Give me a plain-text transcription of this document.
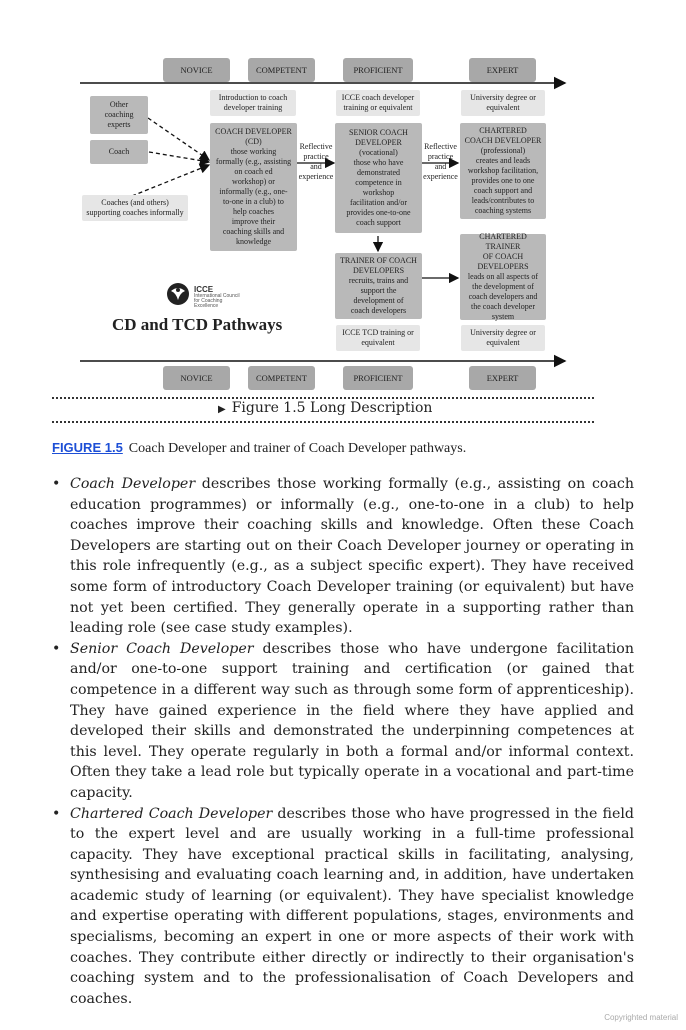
NOVICE	COMPETENT	PROFICIENT	EXPERT
NOVICE	COMPETENT	PROFICIENT	EXPERT
Other
coaching
experts
Coach
Coaches (and others)
supporting coaches informally
Introduction to coach
developer training
ICCE coach developer
training or equivalent
University degree or
equivalent
COACH DEVELOPER
(CD)
those working
formally (e.g., assisting
on coach ed
workshop) or
informally (e.g., one-
to-one in a club) to
help coaches
improve their
coaching skills and
knowledge
SENIOR COACH
DEVELOPER
(vocational)
those who have
demonstrated
competence in
workshop
facilitation and/or
provides one-to-one
coach support
CHARTERED
COACH DEVELOPER
(professional)
creates and leads
workshop facilitation,
provides one to one
coach support and
leads/contributes to
coaching systems
TRAINER OF COACH
DEVELOPERS
recruits, trains and
support the
development of
coach developers
CHARTERED TRAINER
OF COACH
DEVELOPERS
leads on all aspects of
the development of
coach developers and
the coach developer
system
Reflective
practice
and
experience
Reflective
practice
and
experience
ICCE TCD training or
equivalent
University degree or
equivalent
ICCE
International Council for Coaching Excellence
CD and TCD Pathways
▶ Figure 1.5 Long Description
FIGURE 1.5 Coach Developer and trainer of Coach Developer pathways.
• Coach Developer describes those working formally (e.g., assisting on coach education programmes) or informally (e.g., one-to-one in a club) to help coaches improve their coaching skills and knowledge. Often these Coach Developers are starting out on their Coach Developer journey or operating in this role infrequently (e.g., as a subject specific expert). They have received some form of introductory Coach Developer training (or equivalent) but have not yet been certified. They generally operate in a supporting rather than leading role (see case study examples).
• Senior Coach Developer describes those who have undergone facilitation and/or one-to-one support training and certification (or gained that competence in a different way such as through some form of apprenticeship). They have gained experience in the field where they have applied and developed their skills and demonstrated the underpinning competences at this level. They operate regularly in both a formal and/or informal context. Often they take a lead role but typically operate in a vocational and part-time capacity.
• Chartered Coach Developer describes those who have progressed in the field to the expert level and are usually working in a full-time professional capacity. They have exceptional practical skills in facilitating, analysing, synthesising and evaluating coach learning and, in addition, have undertaken academic study of learning (or equivalent). They have specialist knowledge and expertise operating with different populations, stages, environments and specialisms, becoming an expert in one or more aspects of their work with coaches. They contribute either directly or indirectly to their organisation's coaching system and to the professionalisation of Coach Developers and coaches.
Copyrighted material
